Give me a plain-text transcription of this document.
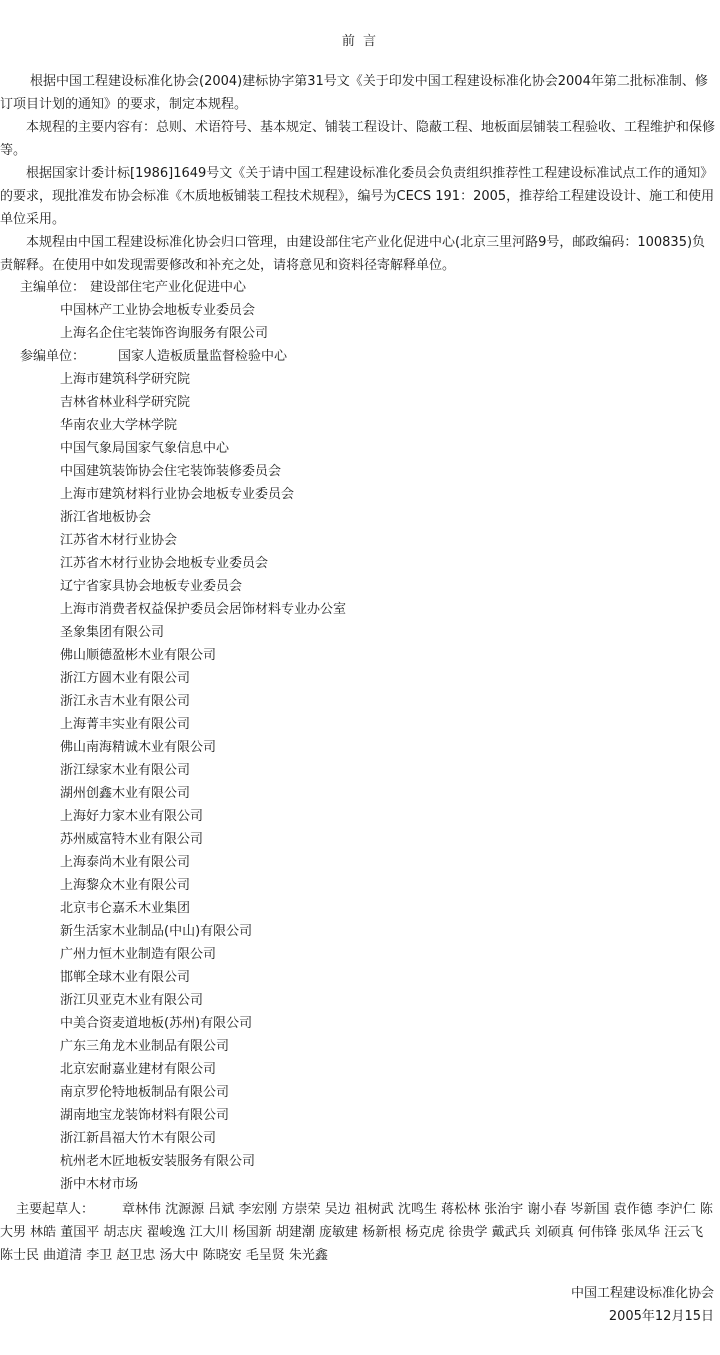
前 言

根据中国工程建设标准化协会(2004)建标协字第31号文《关于印发中国工程建设标准化协会2004年第二批标准制、修订项目计划的通知》的要求，制定本规程。

本规程的主要内容有：总则、术语符号、基本规定、铺装工程设计、隐蔽工程、地板面层铺装工程验收、工程维护和保修等。

根据国家计委计标[1986]1649号文《关于请中国工程建设标准化委员会负责组织推荐性工程建设标准试点工作的通知》的要求，现批准发布协会标准《木质地板铺装工程技术规程》，编号为CECS 191：2005，推荐给工程建设设计、施工和使用单位采用。

本规程由中国工程建设标准化协会归口管理，由建设部住宅产业化促进中心(北京三里河路9号，邮政编码：100835)负责解释。在使用中如发现需要修改和补充之处，请将意见和资料径寄解释单位。

主编单位： 建设部住宅产业化促进中心
中国林产工业协会地板专业委员会
上海名企住宅装饰咨询服务有限公司
参编单位：	国家人造板质量监督检验中心
上海市建筑科学研究院
吉林省林业科学研究院
华南农业大学林学院
中国气象局国家气象信息中心
中国建筑装饰协会住宅装饰装修委员会
上海市建筑材料行业协会地板专业委员会
浙江省地板协会
江苏省木材行业协会
江苏省木材行业协会地板专业委员会
辽宁省家具协会地板专业委员会
上海市消费者权益保护委员会居饰材料专业办公室
圣象集团有限公司
佛山顺德盈彬木业有限公司
浙江方圆木业有限公司
浙江永吉木业有限公司
上海菁丰实业有限公司
佛山南海精诚木业有限公司
浙江绿家木业有限公司
湖州创鑫木业有限公司
上海好力家木业有限公司
苏州威富特木业有限公司
上海泰尚木业有限公司
上海黎众木业有限公司
北京韦仑嘉禾木业集团
新生活家木业制品(中山)有限公司
广州力恒木业制造有限公司
邯郸全球木业有限公司
浙江贝亚克木业有限公司
中美合资麦道地板(苏州)有限公司
广东三角龙木业制品有限公司
北京宏耐嘉业建材有限公司
南京罗伦特地板制品有限公司
湖南地宝龙装饰材料有限公司
浙江新昌福大竹木有限公司
杭州老木匠地板安装服务有限公司
浙中木材市场
主要起草人： 章林伟 沈源源 吕斌 李宏刚 方崇荣 吴边 祖树武 沈鸣生 蒋松林 张治宇 谢小春 岑新国 袁作德 李沪仁 陈大男 林皓 董国平 胡志庆 翟峻逸 江大川 杨国新 胡建潮 庞敏建 杨新根 杨克虎 徐贵学 戴武兵 刘硕真 何伟锋 张凤华 汪云飞 陈士民 曲道清 李卫 赵卫忠 汤大中 陈晓安 毛呈贤 朱光鑫
中国工程建设标准化协会
2005年12月15日
